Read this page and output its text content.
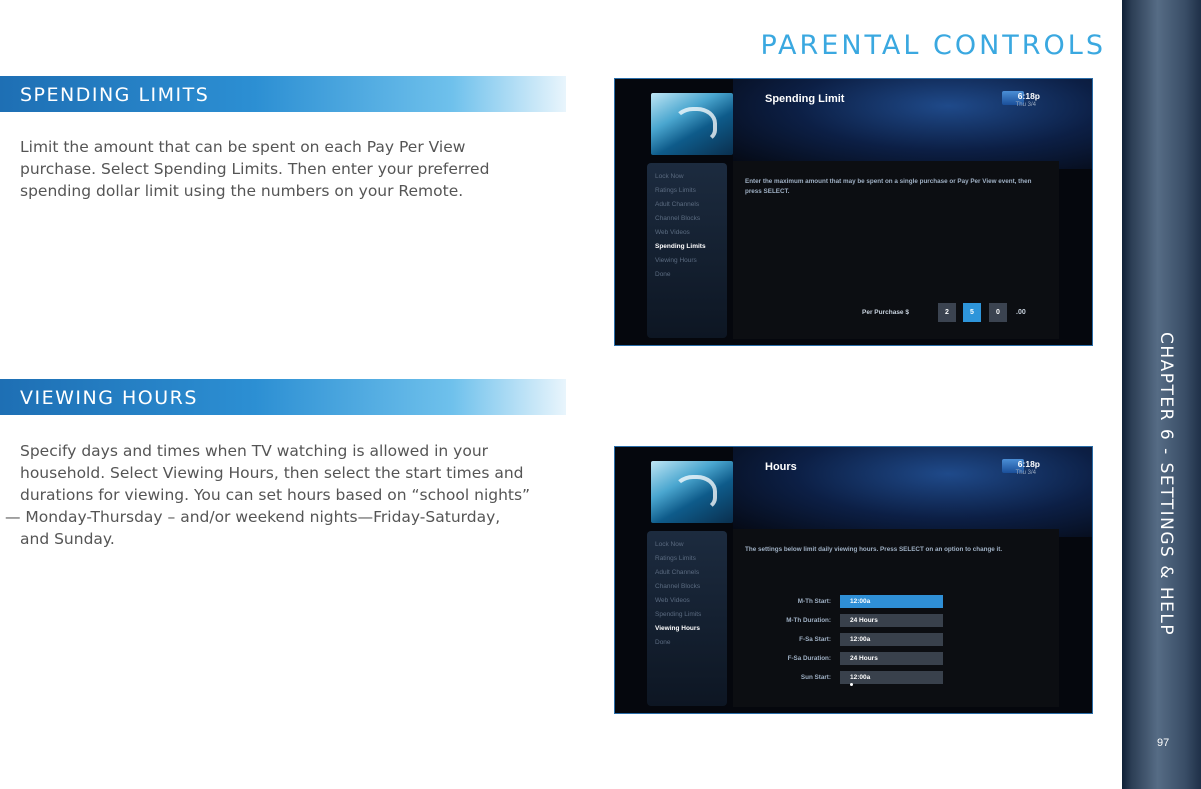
PARENTAL CONTROLS
SPENDING LIMITS

Limit the amount that can be spent on each Pay Per View
purchase. Select Spending Limits. Then enter your preferred
spending dollar limit using the numbers on your Remote.

VIEWING HOURS

Specify days and times when TV watching is allowed in your
household. Select Viewing Hours, then select the start times and
durations for viewing. You can set hours based on “school nights”
— Monday-Thursday – and/or weekend nights—Friday-Saturday,
and Sunday.

Lock Now
Ratings Limits
Adult Channels
Channel Blocks
Web Videos
Spending Limits
Viewing Hours
Done
Spending Limit	6:18p
Thu 3/4
Enter the maximum amount that may be spent on a single purchase or Pay Per View event, then press SELECT.
Per Purchase $	2	5	0	.00
Lock Now
Ratings Limits
Adult Channels
Channel Blocks
Web Videos
Spending Limits
Viewing Hours
Done
Hours	6:18p
Thu 3/4
The settings below limit daily viewing hours. Press SELECT on an option to change it.
M-Th Start:	12:00a
M-Th Duration:	24 Hours
F-Sa Start:	12:00a
F-Sa Duration:	24 Hours
Sun Start:	12:00a
CHAPTER 6 - SETTINGS & HELP
97
